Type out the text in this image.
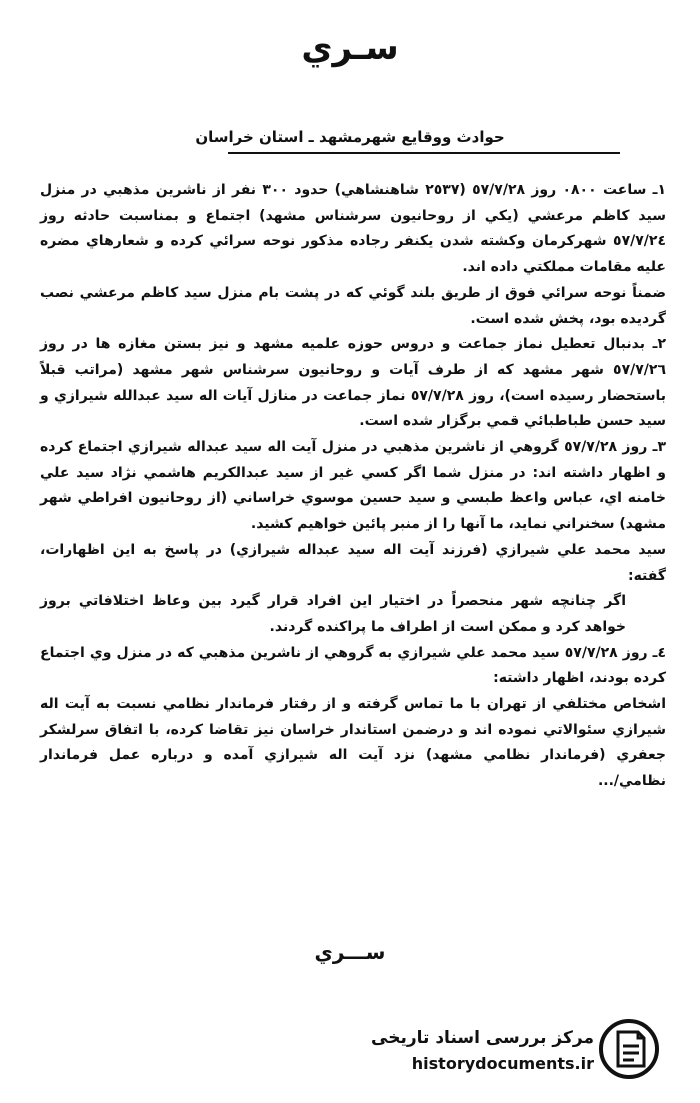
سـري
حوادث ووقايع شهرمشهد ـ استان خراسان

١ـ ساعت ٠٨٠٠ روز ٥٧/٧/٢٨ (٢٥٣٧ شاهنشاهي) حدود ٣٠٠ نفر از ناشرين مذهبي در منزل سيد كاظم مرعشي (يكي از روحانيون سرشناس مشهد) اجتماع و بمناسبت حادثه روز ٥٧/٧/٢٤ شهركرمان وكشته شدن يكنفر رجاده مذكور نوحه سرائي كرده و شعارهاي مضره عليه مقامات مملكتي داده اند.

ضمناً نوحه سرائي فوق از طريق بلند گوئي كه در پشت بام منزل سيد كاظم مرعشي نصب گرديده بود، پخش شده است.

٢ـ بدنبال تعطيل نماز جماعت و دروس حوزه علميه مشهد و نيز بستن مغازه ها در روز ٥٧/٧/٢٦ شهر مشهد كه از طرف آيات و روحانيون سرشناس شهر مشهد (مراتب قبلاً باستحضار رسيده است)، روز ٥٧/٧/٢٨ نماز جماعت در منازل آيات اله سيد عبدالله شيرازي و سيد حسن طباطبائي قمي برگزار شده است.

٣ـ روز ٥٧/٧/٢٨ گروهي از ناشرين مذهبي در منزل آيت اله سيد عبداله شيرازي اجتماع كرده و اظهار داشته اند: در منزل شما اگر كسي غير از سيد عبدالكريم هاشمي نژاد سيد علي خامنه اي، عباس واعظ طبسي و سيد حسين موسوي خراساني (از روحانيون افراطي شهر مشهد) سخنراني نمايد، ما آنها را از منبر پائين خواهيم كشيد.

سيد محمد علي شيرازي (فرزند آيت اله سيد عبداله شيرازي) در پاسخ به اين اظهارات، گفته:

اگر چنانچه شهر منحصراً در اختيار اين افراد قرار گيرد بين وعاظ اختلافاتي بروز خواهد كرد و ممكن است از اطراف ما پراكنده گردند.

٤ـ روز ٥٧/٧/٢٨ سيد محمد علي شيرازي به گروهي از ناشرين مذهبي كه در منزل وي اجتماع كرده بودند، اظهار داشته:

اشخاص مختلفي از تهران با ما تماس گرفته و از رفتار فرماندار نظامي نسبت به آيت اله شيرازي سئوالاتي نموده اند و درضمن استاندار خراسان نيز تقاضا كرده، با اتفاق سرلشكر جعفري (فرماندار نظامي مشهد) نزد آيت اله شيرازي آمده و درباره عمل فرماندار نظامي/...

ســـري
مرکز بررسی اسناد تاریخی
historydocuments.ir
